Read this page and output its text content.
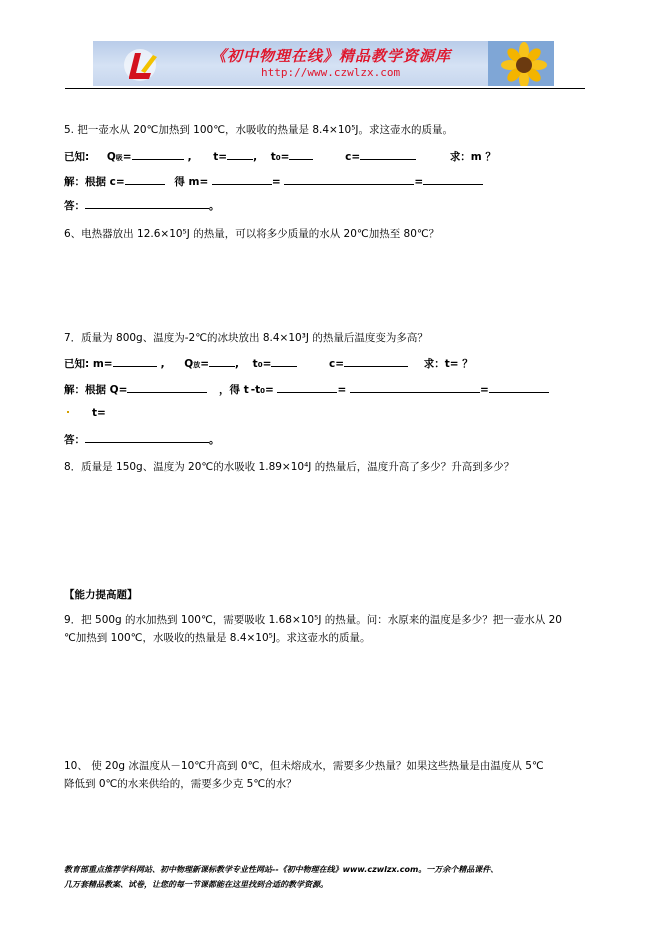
《初中物理在线》精品教学资源库
http://www.czwlzx.com
5. 把一壶水从 20℃加热到 100℃，水吸收的热量是 8.4×10⁵J。求这壶水的质量。
已知: Q吸=	, t= , t0=	c=	求：m ？
解：根据 c=	得 m=	=	=
答：	。
6、电热器放出 12.6×10⁵J 的热量，可以将多少质量的水从 20℃加热至 80℃？
7．质量为 800g、温度为-2℃的冰块放出 8.4×10³J 的热量后温度变为多高？
已知: m=	, Q放= , t0=	c=	求：t= ？
解：根据 Q=	，得 t -t0=	=	=
t=
答：	。
8．质量是 150g、温度为 20℃的水吸收 1.89×10⁴J 的热量后，温度升高了多少？升高到多少？
【能力提高题】
9．把 500g 的水加热到 100℃，需要吸收 1.68×10⁵J 的热量。问：水原来的温度是多少？把一壶水从 20
℃加热到 100℃，水吸收的热量是 8.4×10⁵J。求这壶水的质量。
10、 使 20g 冰温度从－10℃升高到 0℃，但未熔成水，需要多少热量？如果这些热量是由温度从 5℃
降低到 0℃的水来供给的，需要多少克 5℃的水？
教育部重点推荐学科网站、初中物理新课标教学专业性网站--《初中物理在线》www.czwlzx.com。一万余个精品课件、
几万套精品教案、试卷，让您的每一节课都能在这里找到合适的教学资源。
